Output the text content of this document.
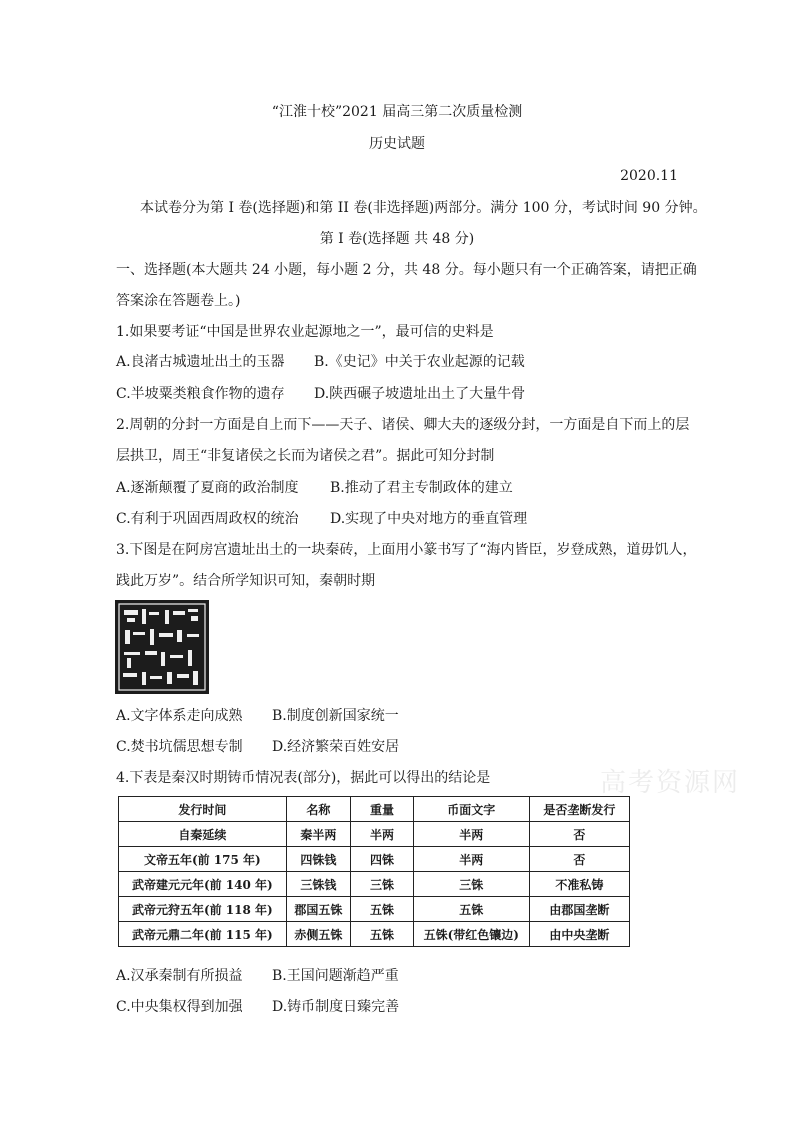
“江淮十校”2021 届高三第二次质量检测
历史试题
2020.11
本试卷分为第 I 卷(选择题)和第 II 卷(非选择题)两部分。满分 100 分，考试时间 90 分钟。
第 I 卷(选择题 共 48 分)
一、选择题(本大题共 24 小题，每小题 2 分，共 48 分。每小题只有一个正确答案，请把正确
答案涂在答题卷上。)
1.如果要考证“中国是世界农业起源地之一”，最可信的史料是
A.良渚古城遗址出土的玉器 B.《史记》中关于农业起源的记载
C.半坡粟类粮食作物的遗存 D.陕西碾子坡遗址出土了大量牛骨
2.周朝的分封一方面是自上而下——天子、诸侯、卿大夫的逐级分封，一方面是自下而上的层
层拱卫，周王“非复诸侯之长而为诸侯之君”。据此可知分封制
A.逐渐颠覆了夏商的政治制度 B.推动了君主专制政体的建立
C.有利于巩固西周政权的统治 D.实现了中央对地方的垂直管理
3.下图是在阿房宫遗址出土的一块秦砖，上面用小篆书写了“海内皆臣，岁登成熟，道毋饥人，
践此万岁”。结合所学知识可知，秦朝时期
A.文字体系走向成熟 B.制度创新国家统一
C.焚书坑儒思想专制 D.经济繁荣百姓安居
4.下表是秦汉时期铸币情况表(部分)，据此可以得出的结论是	高考资源网
发行时间	名称	重量	币面文字	是否垄断发行
自秦延续	秦半两	半两	半两	否
文帝五年(前 175 年)	四铢钱	四铢	半两	否
武帝建元元年(前 140 年)	三铢钱	三铢	三铢	不准私铸
武帝元狩五年(前 118 年)	郡国五铢	五铢	五铢	由郡国垄断
武帝元鼎二年(前 115 年)	赤侧五铢	五铢	五铢(带红色镶边)	由中央垄断
A.汉承秦制有所损益 B.王国问题渐趋严重
C.中央集权得到加强 D.铸币制度日臻完善
